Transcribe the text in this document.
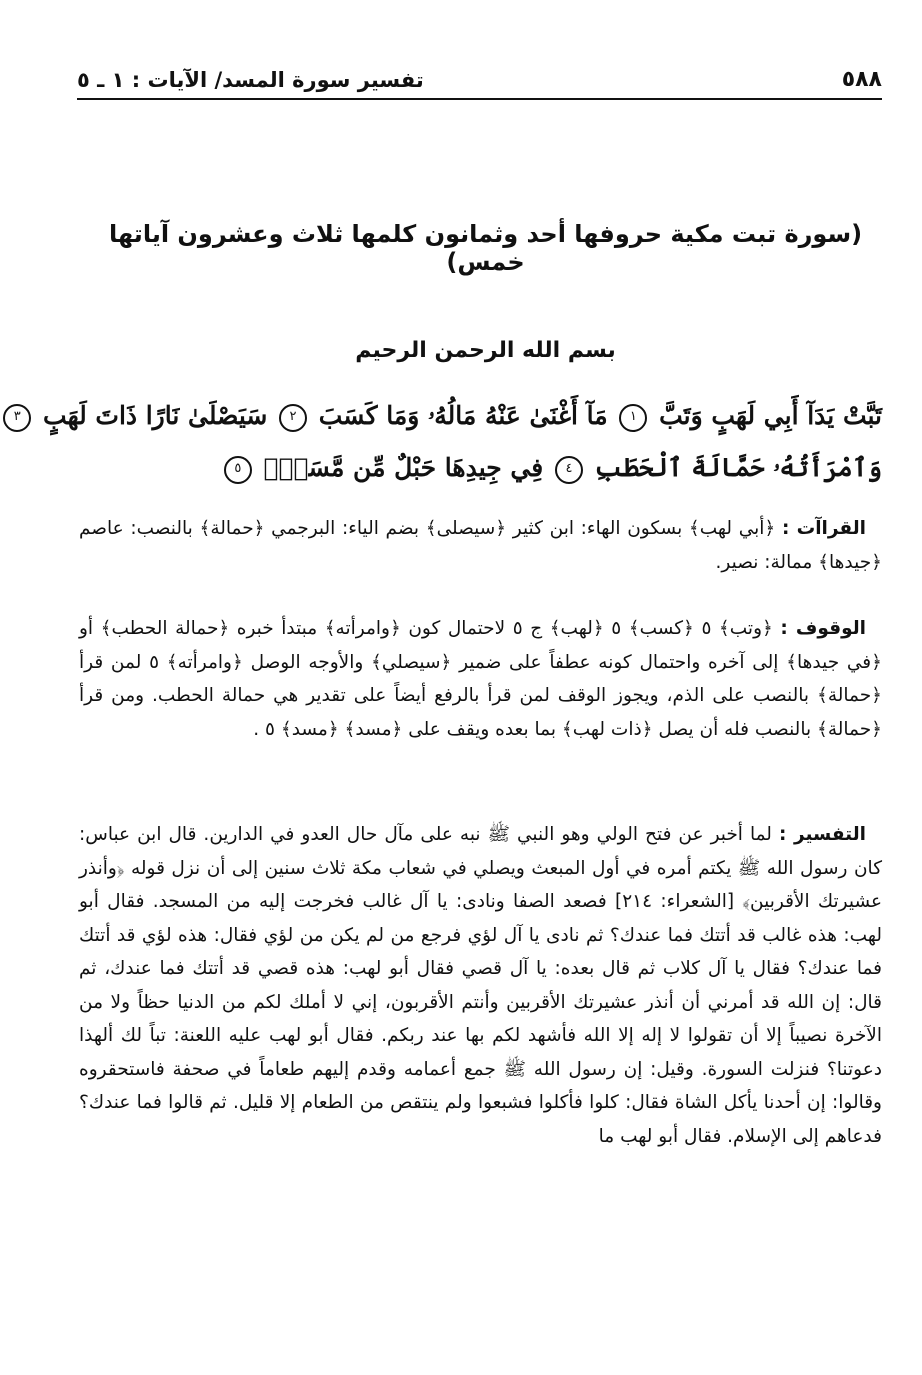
٥٨٨
تفسير سورة المسد/ الآيات : ١ ـ ٥
(سورة تبت مكية حروفها أحد وثمانون كلمها ثلاث وعشرون آياتها خمس)
بسم الله الرحمن الرحيم
تَبَّتْ يَدَآ أَبِي لَهَبٍ وَتَبَّ ١ مَآ أَغْنَىٰ عَنْهُ مَالُهُۥ وَمَا كَسَبَ ٢ سَيَصْلَىٰ نَارًا ذَاتَ لَهَبٍ ٣
وَٱمْرَأَتُهُۥ حَمَّالَةَ ٱلْحَطَبِ ٤ فِي جِيدِهَا حَبْلٌ مِّن مَّسَدٍۭ ٥
القراآت : ﴿أبي لهب﴾ بسكون الهاء: ابن كثير ﴿سيصلى﴾ بضم الياء: البرجمي ﴿حمالة﴾ بالنصب: عاصم ﴿جيدها﴾ ممالة: نصير.
الوقوف : ﴿وتب﴾ ٥ ﴿كسب﴾ ٥ ﴿لهب﴾ ج ٥ لاحتمال كون ﴿وامرأته﴾ مبتدأ خبره ﴿حمالة الحطب﴾ أو ﴿في جيدها﴾ إلى آخره واحتمال كونه عطفاً على ضمير ﴿سيصلي﴾ والأوجه الوصل ﴿وامرأته﴾ ٥ لمن قرأ ﴿حمالة﴾ بالنصب على الذم، ويجوز الوقف لمن قرأ بالرفع أيضاً على تقدير هي حمالة الحطب. ومن قرأ ﴿حمالة﴾ بالنصب فله أن يصل ﴿ذات لهب﴾ بما بعده ويقف على ﴿مسد﴾ ﴿مسد﴾ ٥ .
التفسير : لما أخبر عن فتح الولي وهو النبي ﷺ نبه على مآل حال العدو في الدارين. قال ابن عباس: كان رسول الله ﷺ يكتم أمره في أول المبعث ويصلي في شعاب مكة ثلاث سنين إلى أن نزل قوله ﴿وأنذر عشيرتك الأقربين﴾ [الشعراء: ٢١٤] فصعد الصفا ونادى: يا آل غالب فخرجت إليه من المسجد. فقال أبو لهب: هذه غالب قد أتتك فما عندك؟ ثم نادى يا آل لؤي فرجع من لم يكن من لؤي فقال: هذه لؤي قد أتتك فما عندك؟ فقال يا آل كلاب ثم قال بعده: يا آل قصي فقال أبو لهب: هذه قصي قد أتتك فما عندك، ثم قال: إن الله قد أمرني أن أنذر عشيرتك الأقربين وأنتم الأقربون، إني لا أملك لكم من الدنيا حظاً ولا من الآخرة نصيباً إلا أن تقولوا لا إله إلا الله فأشهد لكم بها عند ربكم. فقال أبو لهب عليه اللعنة: تباً لك ألهذا دعوتنا؟ فنزلت السورة. وقيل: إن رسول الله ﷺ جمع أعمامه وقدم إليهم طعاماً في صحفة فاستحقروه وقالوا: إن أحدنا يأكل الشاة فقال: كلوا فأكلوا فشبعوا ولم ينتقص من الطعام إلا قليل. ثم قالوا فما عندك؟ فدعاهم إلى الإسلام. فقال أبو لهب ما
